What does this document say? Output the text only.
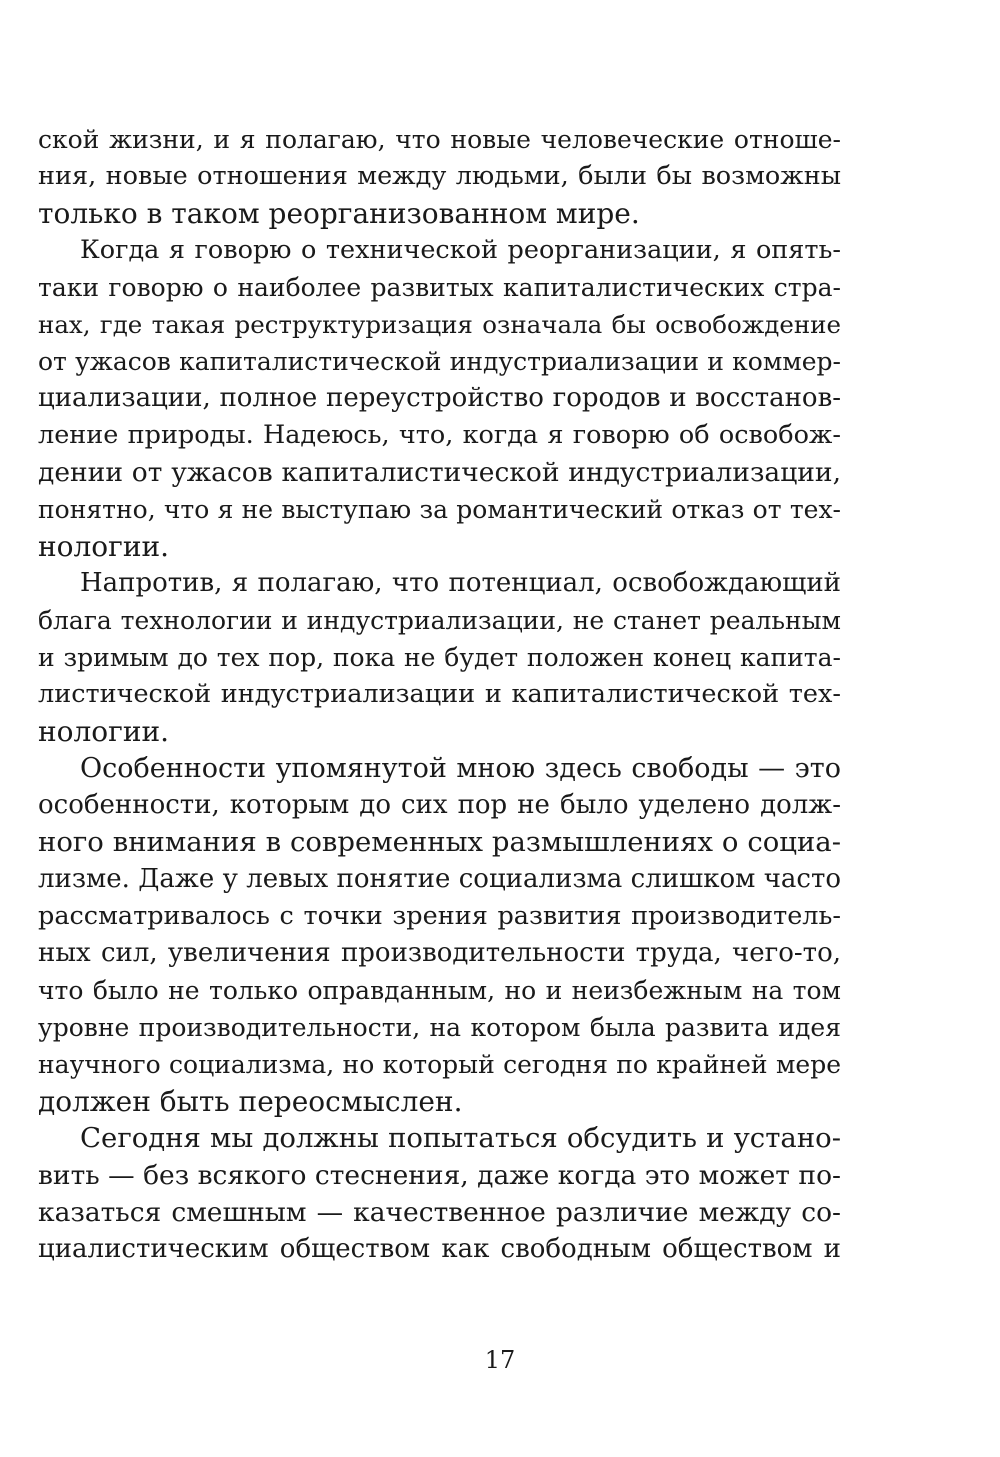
ской жизни, и я полагаю, что новые человеческие отноше-
ния, новые отношения между людьми, были бы возможны
только в таком реорганизованном мире.
Когда я говорю о технической реорганизации, я опять-
таки говорю о наиболее развитых капиталистических стра-
нах, где такая реструктуризация означала бы освобождение
от ужасов капиталистической индустриализации и коммер-
циализации, полное переустройство городов и восстанов-
ление природы. Надеюсь, что, когда я говорю об освобож-
дении от ужасов капиталистической индустриализации,
понятно, что я не выступаю за романтический отказ от тех-
нологии.
Напротив, я полагаю, что потенциал, освобождающий
блага технологии и индустриализации, не станет реальным
и зримым до тех пор, пока не будет положен конец капита-
листической индустриализации и капиталистической тех-
нологии.
Особенности упомянутой мною здесь свободы — это
особенности, которым до сих пор не было уделено долж-
ного внимания в современных размышлениях о социа-
лизме. Даже у левых понятие социализма слишком часто
рассматривалось с точки зрения развития производитель-
ных сил, увеличения производительности труда, чего-то,
что было не только оправданным, но и неизбежным на том
уровне производительности, на котором была развита идея
научного социализма, но который сегодня по крайней мере
должен быть переосмыслен.
Сегодня мы должны попытаться обсудить и устано-
вить — без всякого стеснения, даже когда это может по-
казаться смешным — качественное различие между со-
циалистическим обществом как свободным обществом и
17
